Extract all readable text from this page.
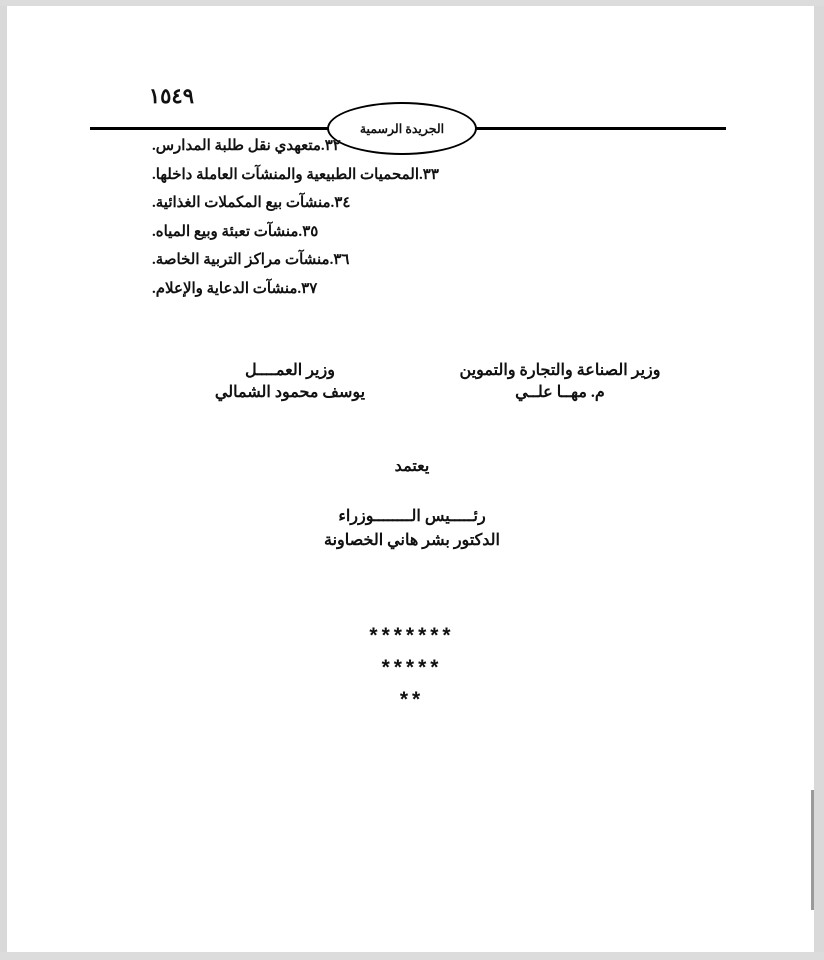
١٥٤٩
الجريدة الرسمية
٣٢.متعهدي نقل طلبة المدارس.
٣٣.المحميات الطبيعية والمنشآت العاملة داخلها.
٣٤.منشآت بيع المكملات الغذائية.
٣٥.منشآت تعبئة وبيع المياه.
٣٦.منشآت مراكز التربية الخاصة.
٣٧.منشآت الدعاية والإعلام.
وزير الصناعة والتجارة والتموين
م. مهــا علــي
وزير العمــــل
يوسف محمود الشمالي
يعتمد
رئـــــيس الــــــــوزراء
الدكتور بشر هاني الخصاونة
*******
*****
**
